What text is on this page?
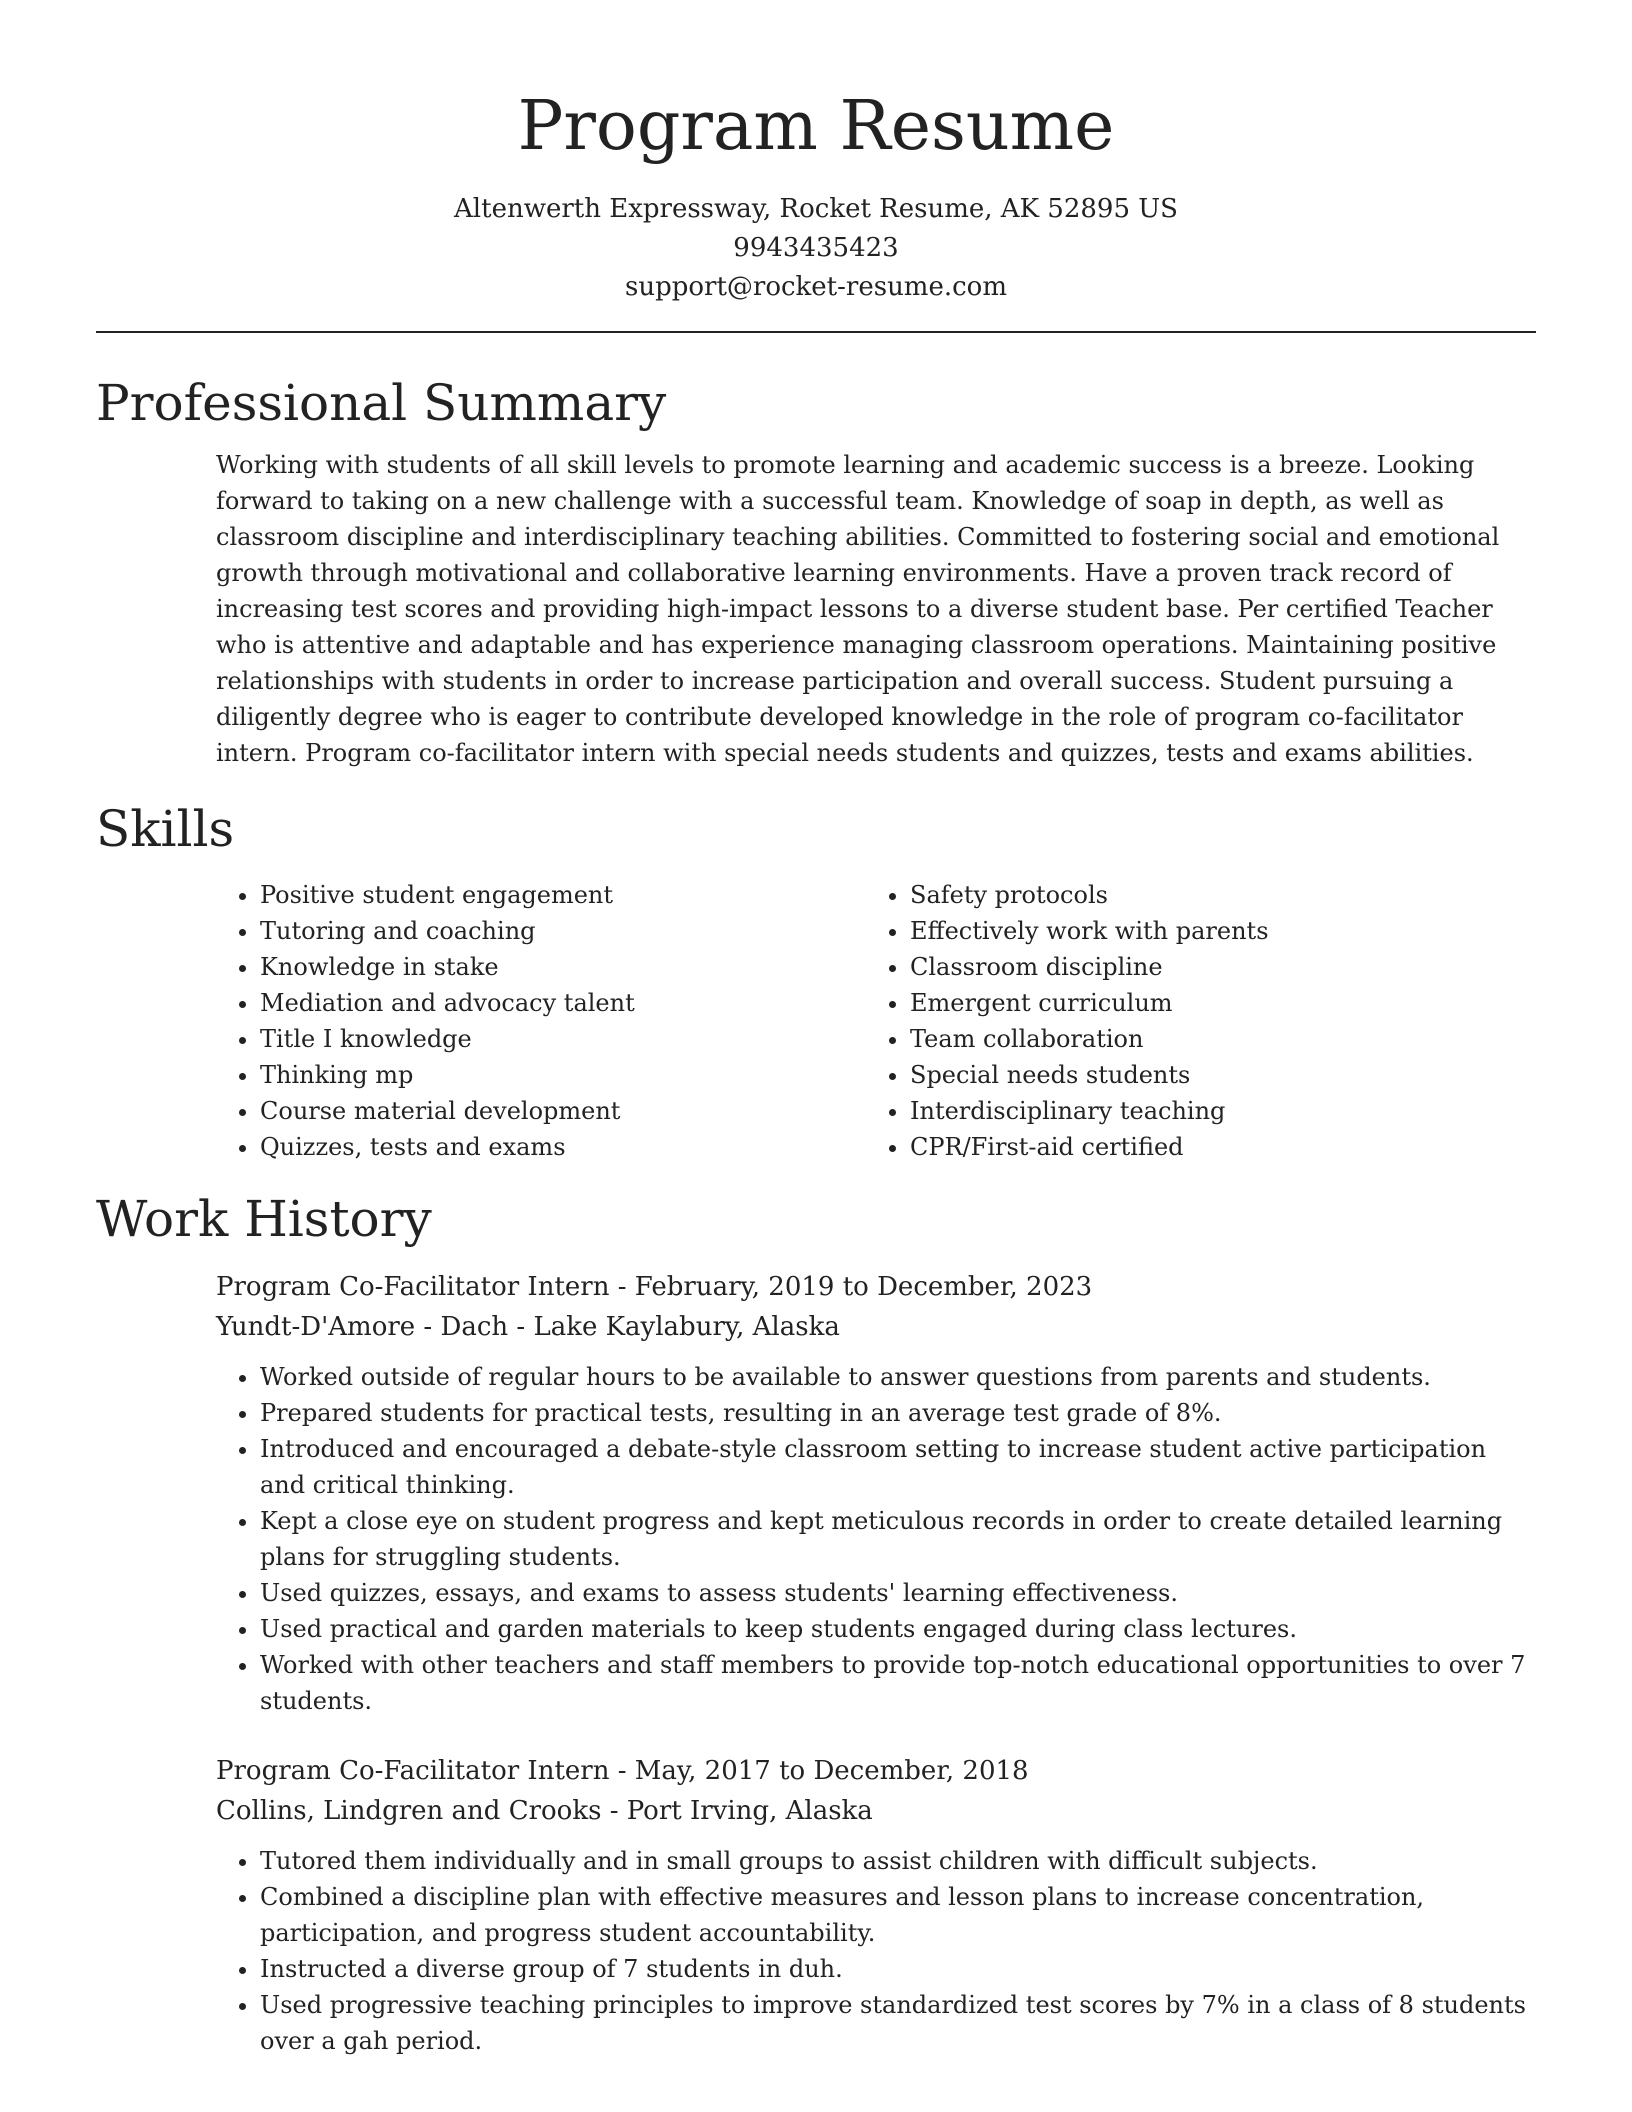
Program Resume

Altenwerth Expressway, Rocket Resume, AK 52895 US

9943435423

support@rocket-resume.com

Professional Summary

Working with students of all skill levels to promote learning and academic success is a breeze. Looking forward to taking on a new challenge with a successful team. Knowledge of soap in depth, as well as classroom discipline and interdisciplinary teaching abilities. Committed to fostering social and emotional growth through motivational and collaborative learning environments. Have a proven track record of increasing test scores and providing high-impact lessons to a diverse student base. Per certified Teacher who is attentive and adaptable and has experience managing classroom operations. Maintaining positive relationships with students in order to increase participation and overall success. Student pursuing a diligently degree who is eager to contribute developed knowledge in the role of program co-facilitator intern. Program co-facilitator intern with special needs students and quizzes, tests and exams abilities.

Skills
• Positive student engagement
• Tutoring and coaching
• Knowledge in stake
• Mediation and advocacy talent
• Title I knowledge
• Thinking mp
• Course material development
• Quizzes, tests and exams
• Safety protocols
• Effectively work with parents
• Classroom discipline
• Emergent curriculum
• Team collaboration
• Special needs students
• Interdisciplinary teaching
• CPR/First-aid certified
Work History

Program Co-Facilitator Intern - February, 2019 to December, 2023

Yundt-D'Amore - Dach - Lake Kaylabury, Alaska

• Worked outside of regular hours to be available to answer questions from parents and students.
• Prepared students for practical tests, resulting in an average test grade of 8%.
• Introduced and encouraged a debate-style classroom setting to increase student active participation and critical thinking.
• Kept a close eye on student progress and kept meticulous records in order to create detailed learning plans for struggling students.
• Used quizzes, essays, and exams to assess students' learning effectiveness.
• Used practical and garden materials to keep students engaged during class lectures.
• Worked with other teachers and staff members to provide top-notch educational opportunities to over 7 students.

Program Co-Facilitator Intern - May, 2017 to December, 2018

Collins, Lindgren and Crooks - Port Irving, Alaska

• Tutored them individually and in small groups to assist children with difficult subjects.
• Combined a discipline plan with effective measures and lesson plans to increase concentration, participation, and progress student accountability.
• Instructed a diverse group of 7 students in duh.
• Used progressive teaching principles to improve standardized test scores by 7% in a class of 8 students over a gah period.
